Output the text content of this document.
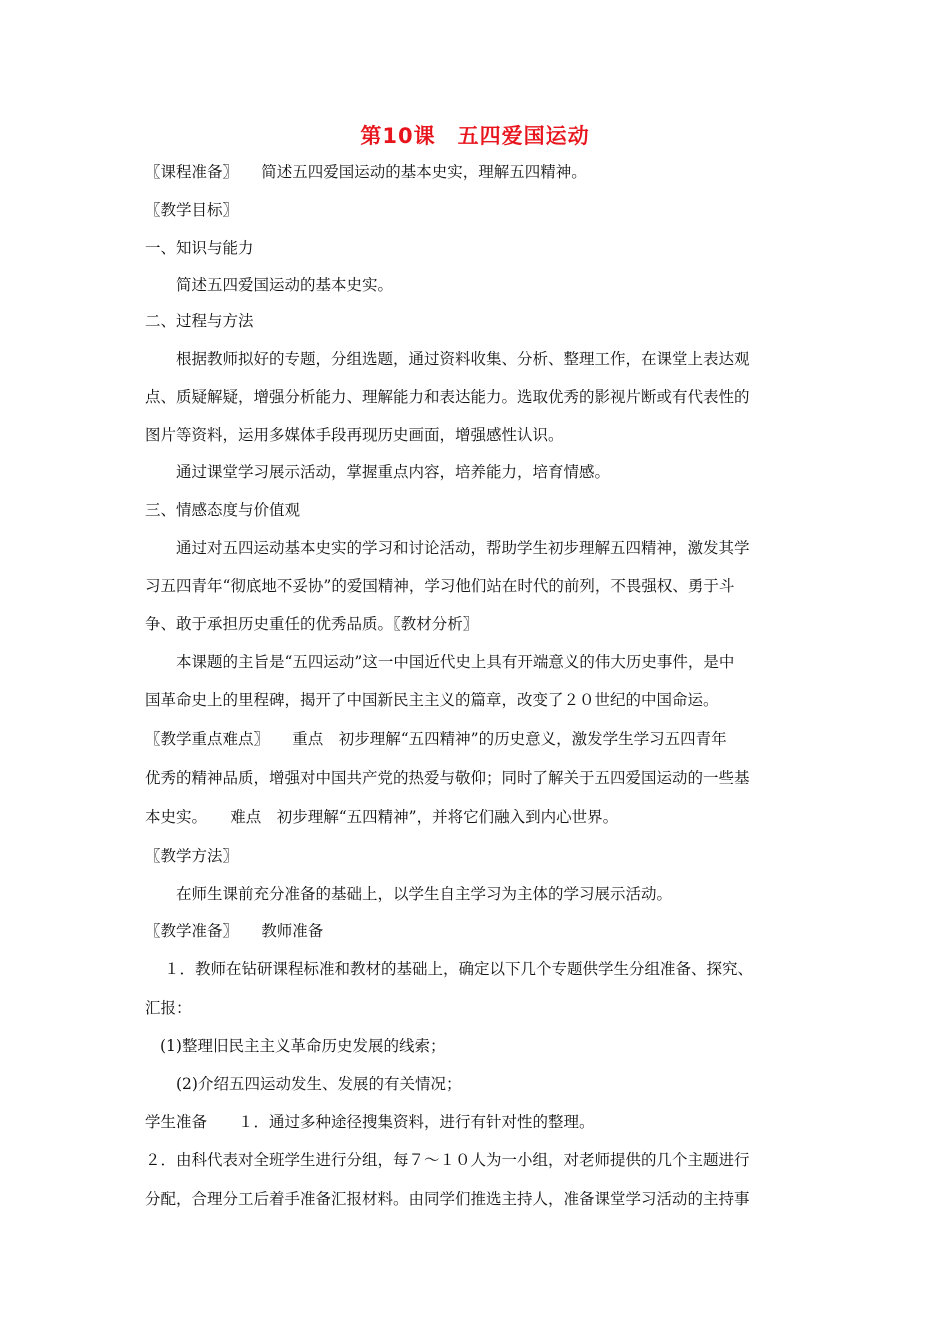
第10课　五四爱国运动
〖课程准备〗　　简述五四爱国运动的基本史实，理解五四精神。
〖教学目标〗
一、知识与能力
简述五四爱国运动的基本史实。
二、过程与方法
根据教师拟好的专题，分组选题，通过资料收集、分析、整理工作，在课堂上表达观
点、质疑解疑，增强分析能力、理解能力和表达能力。选取优秀的影视片断或有代表性的
图片等资料，运用多媒体手段再现历史画面，增强感性认识。
通过课堂学习展示活动，掌握重点内容，培养能力，培育情感。
三、情感态度与价值观
通过对五四运动基本史实的学习和讨论活动，帮助学生初步理解五四精神，激发其学
习五四青年“彻底地不妥协”的爱国精神，学习他们站在时代的前列，不畏强权、勇于斗
争、敢于承担历史重任的优秀品质。〖教材分析〗
本课题的主旨是“五四运动”这一中国近代史上具有开端意义的伟大历史事件，是中
国革命史上的里程碑，揭开了中国新民主主义的篇章，改变了２０世纪的中国命运。
〖教学重点难点〗　　重点　初步理解“五四精神”的历史意义，激发学生学习五四青年
优秀的精神品质，增强对中国共产党的热爱与敬仰；同时了解关于五四爱国运动的一些基
本史实。　　难点　初步理解“五四精神”，并将它们融入到内心世界。
〖教学方法〗
在师生课前充分准备的基础上，以学生自主学习为主体的学习展示活动。
〖教学准备〗　　教师准备
１．教师在钻研课程标准和教材的基础上，确定以下几个专题供学生分组准备、探究、
汇报：
(1)整理旧民主主义革命历史发展的线索；
(2)介绍五四运动发生、发展的有关情况；
学生准备　　１．通过多种途径搜集资料，进行有针对性的整理。
２．由科代表对全班学生进行分组，每７～１０人为一小组，对老师提供的几个主题进行
分配，合理分工后着手准备汇报材料。由同学们推选主持人，准备课堂学习活动的主持事
